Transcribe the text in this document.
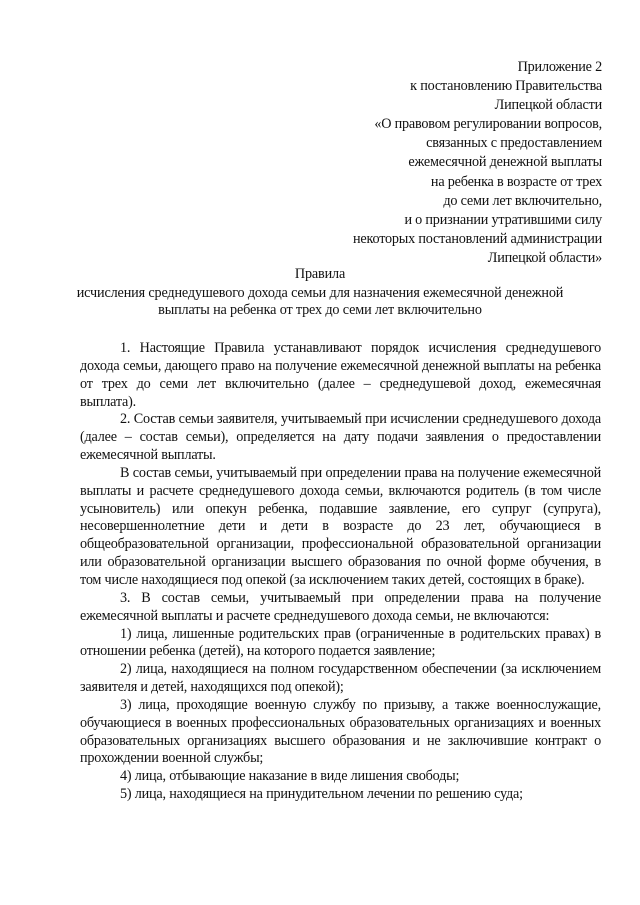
Приложение 2
к постановлению Правительства
Липецкой области
«О правовом регулировании вопросов,
связанных с предоставлением
ежемесячной денежной выплаты
на ребенка в возрасте от трех
до семи лет включительно,
и о признании утратившими силу
некоторых постановлений администрации
Липецкой области»
Правила
исчисления среднедушевого дохода семьи для назначения ежемесячной денежной выплаты на ребенка от трех до семи лет включительно

1. Настоящие Правила устанавливают порядок исчисления среднедушевого дохода семьи, дающего право на получение ежемесячной денежной выплаты на ребенка от трех до семи лет включительно (далее – среднедушевой доход, ежемесячная выплата).

2. Состав семьи заявителя, учитываемый при исчислении среднедушевого дохода (далее – состав семьи), определяется на дату подачи заявления о предоставлении ежемесячной выплаты.

В состав семьи, учитываемый при определении права на получение ежемесячной выплаты и расчете среднедушевого дохода семьи, включаются родитель (в том числе усыновитель) или опекун ребенка, подавшие заявление, его супруг (супруга), несовершеннолетние дети и дети в возрасте до 23 лет, обучающиеся в общеобразовательной организации, профессиональной образовательной организации или образовательной организации высшего образования по очной форме обучения, в том числе находящиеся под опекой (за исключением таких детей, состоящих в браке).

3. В состав семьи, учитываемый при определении права на получение ежемесячной выплаты и расчете среднедушевого дохода семьи, не включаются:

1) лица, лишенные родительских прав (ограниченные в родительских правах) в отношении ребенка (детей), на которого подается заявление;

2) лица, находящиеся на полном государственном обеспечении (за исключением заявителя и детей, находящихся под опекой);

3) лица, проходящие военную службу по призыву, а также военнослужащие, обучающиеся в военных профессиональных образовательных организациях и военных образовательных организациях высшего образования и не заключившие контракт о прохождении военной службы;

4) лица, отбывающие наказание в виде лишения свободы;

5) лица, находящиеся на принудительном лечении по решению суда;
